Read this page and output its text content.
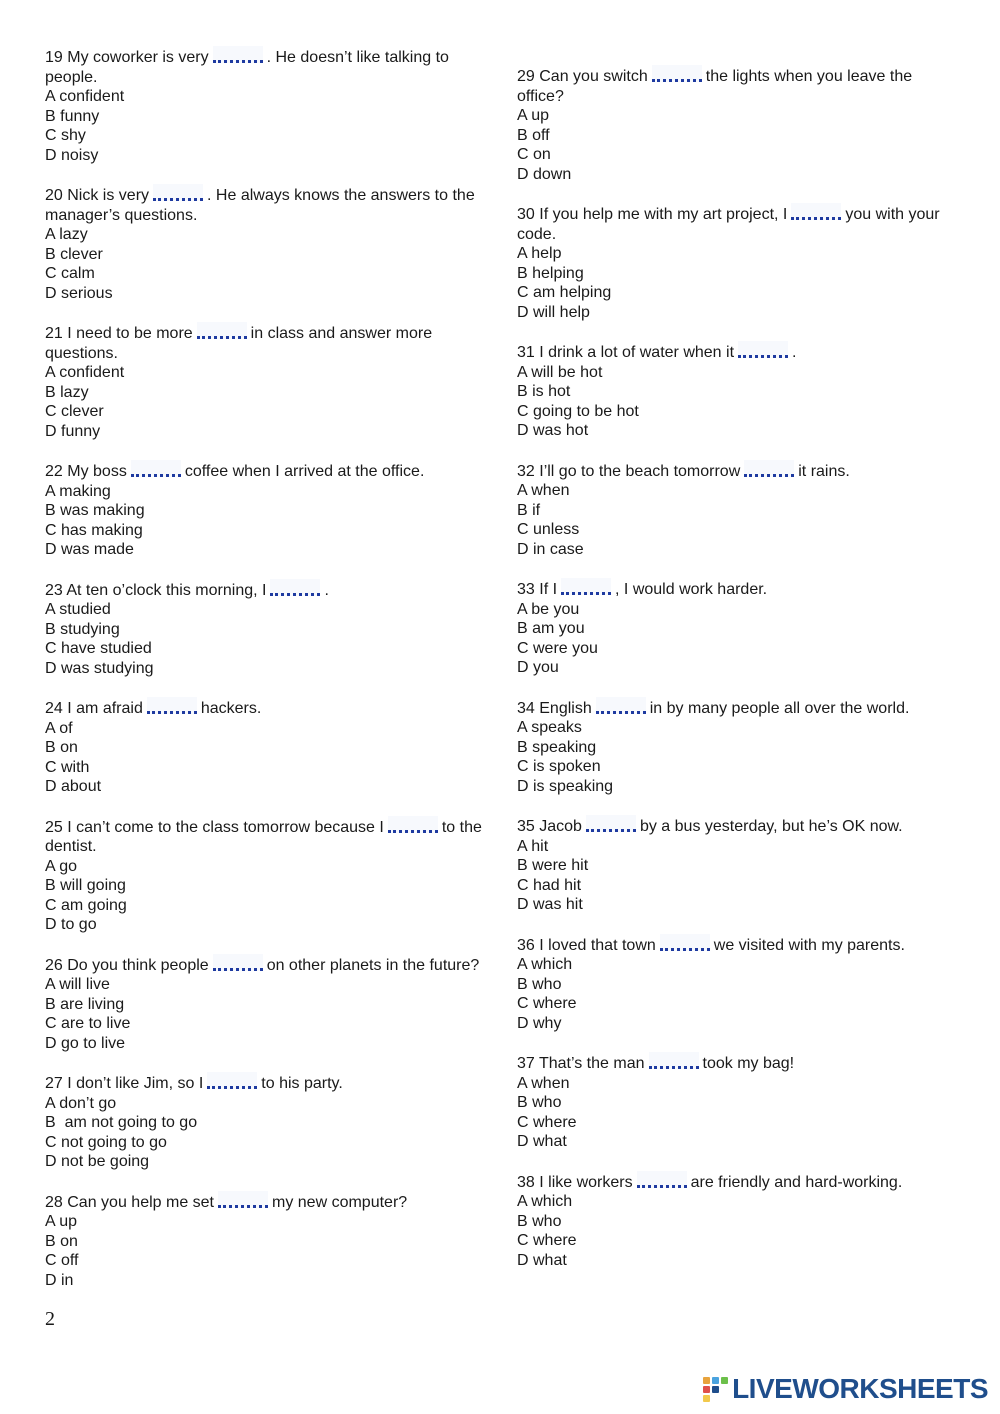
19 My coworker is very	. He doesn’t like talking to people.

A confident

B funny

C shy

D noisy

20 Nick is very	. He always knows the answers to the manager’s questions.

A lazy

B clever

C calm

D serious

21 I need to be more	in class and answer more questions.

A confident

B lazy

C clever

D funny

22 My boss	coffee when I arrived at the office.

A making

B was making

C has making

D was made

23 At ten o’clock this morning, I	.

A studied

B studying

C have studied

D was studying

24 I am afraid	hackers.

A of

B on

C with

D about

25 I can’t come to the class tomorrow because I	to the dentist.

A go

B will going

C am going

D to go

26 Do you think people	on other planets in the future?

A will live

B are living

C are to live

D go to live

27 I don’t like Jim, so I	to his party.

A don’t go

B  am not going to go

C not going to go

D not be going

28 Can you help me set	my new computer?

A up

B on

C off

D in

29 Can you switch	the lights when you leave the office?

A up

B off

C on

D down

30 If you help me with my art project, I	you with your code.

A help

B helping

C am helping

D will help

31 I drink a lot of water when it	.

A will be hot

B is hot

C going to be hot

D was hot

32 I’ll go to the beach tomorrow	it rains.

A when

B if

C unless

D in case

33 If I	, I would work harder.

A be you

B am you

C were you

D you

34 English	in by many people all over the world.

A speaks

B speaking

C is spoken

D is speaking

35 Jacob	by a bus yesterday, but he’s OK now.

A hit

B were hit

C had hit

D was hit

36 I loved that town	we visited with my parents.

A which

B who

C where

D why

37 That’s the man	took my bag!

A when

B who

C where

D what

38 I like workers	are friendly and hard-working.

A which

B who

C where

D what

2
LIVEWORKSHEETS
